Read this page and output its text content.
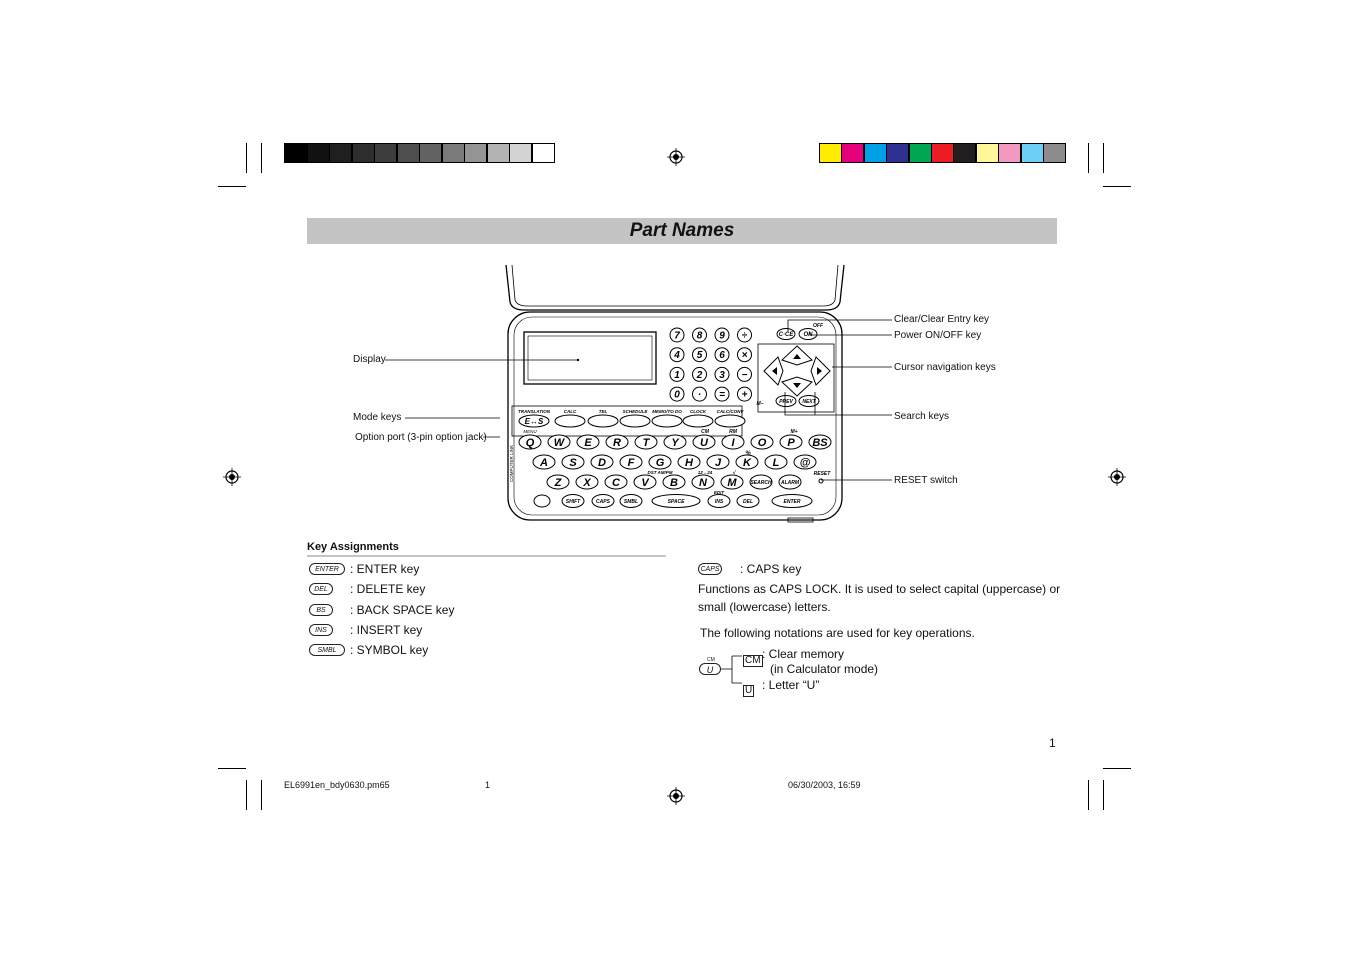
Part Names
7 8 9 ÷
4 5 6 ×
1 2 3 −
0 · = +
C·CE ON
OFF
PREV NEXT
TRANSLATION	CALC	TEL	SCHEDULE MEMO/TO DO CLOCK CALC/CONV
E↔S
MENU
M−
M+
CM	RM
Q W E R T Y U I O P BS
A S D F G H J K L @
%
Z X C V B N M	SEARCH ALARM
DST AM/PM	12↔24	√
EDIT
SHIFT	CAPS	SMBL	SPACE	INS	DEL	ENTER
RESET
COMPUTER LINK
Display
Mode keys
Option port (3-pin option jack)
Clear/Clear Entry key
Power ON/OFF key
Cursor navigation keys
Search keys
RESET switch
Key Assignments
ENTER : ENTER key
DEL	: DELETE key
BS	: BACK SPACE key
INS	: INSERT key
SMBL	: SYMBOL key
CAPS : CAPS key
Functions as CAPS LOCK. It is used to select capital (uppercase) or
small (lowercase) letters.
The following notations are used for key operations.
CM
U
CM : Clear memory
(in Calculator mode)
U : Letter “U”
1
EL6991en_bdy0630.pm65	1	06/30/2003, 16:59
